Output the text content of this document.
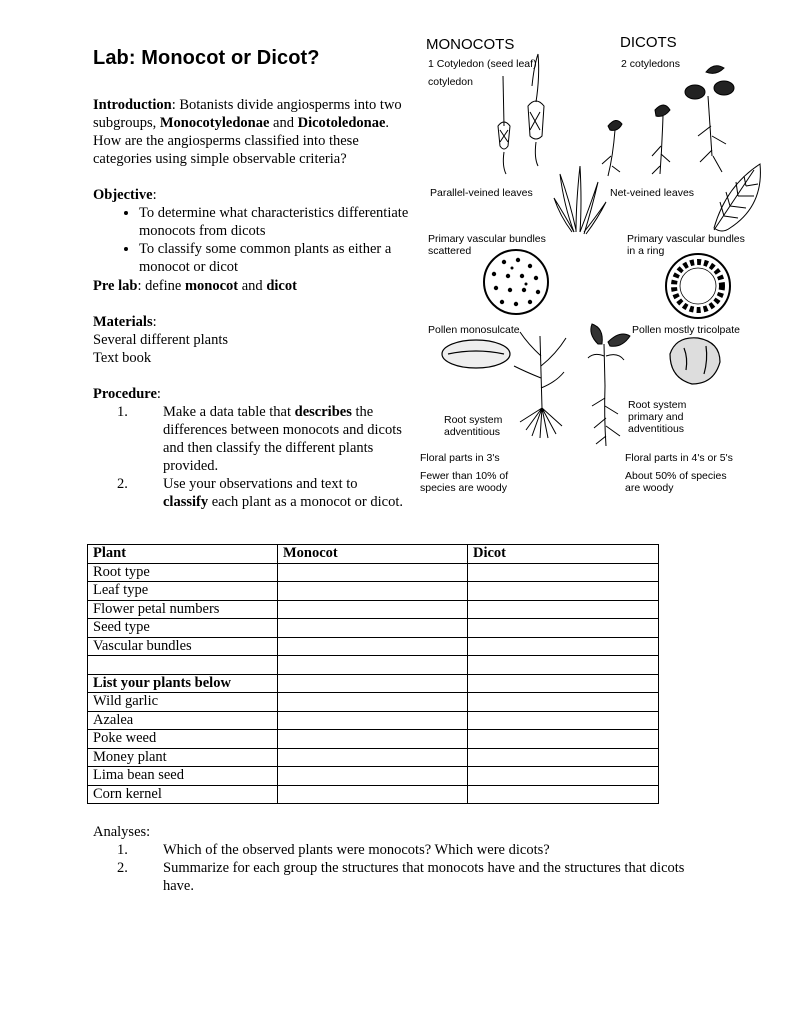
Lab: Monocot or Dicot?
Introduction: Botanists divide angiosperms into two subgroups, Monocotyledonae and Dicotoledonae. How are the angiosperms classified into these categories using simple observable criteria?
Objective:
• To determine what characteristics differentiate monocots from dicots
• To classify some common plants as either a monocot or dicot
Pre lab: define monocot and dicot
Materials:
Several different plants
Text book
Procedure:
1. Make a data table that describes the differences between monocots and dicots and then classify the different plants provided.
2. Use your observations and text to classify each plant as a monocot or dicot.
MONOCOTS	DICOTS
1 Cotyledon (seed leaf)
cotyledon
2 cotyledons
Parallel-veined leaves	Net-veined leaves
Primary vascular bundles
scattered
Primary vascular bundles
in a ring
Pollen monosulcate	Pollen mostly tricolpate
Root system
adventitious
Root system
primary and
adventitious
Floral parts in 3's	Floral parts in 4's or 5's
Fewer than 10% of
species are woody
About 50% of species
are woody
Plant	Monocot	Dicot
Root type		
Leaf type		
Flower petal numbers		
Seed type		
Vascular bundles		

List your plants below		
Wild garlic		
Azalea		
Poke weed		
Money plant		
Lima bean seed		
Corn kernel		
Analyses:
1. Which of the observed plants were monocots? Which were dicots?
2. Summarize for each group the structures that monocots have and the structures that dicots have.
